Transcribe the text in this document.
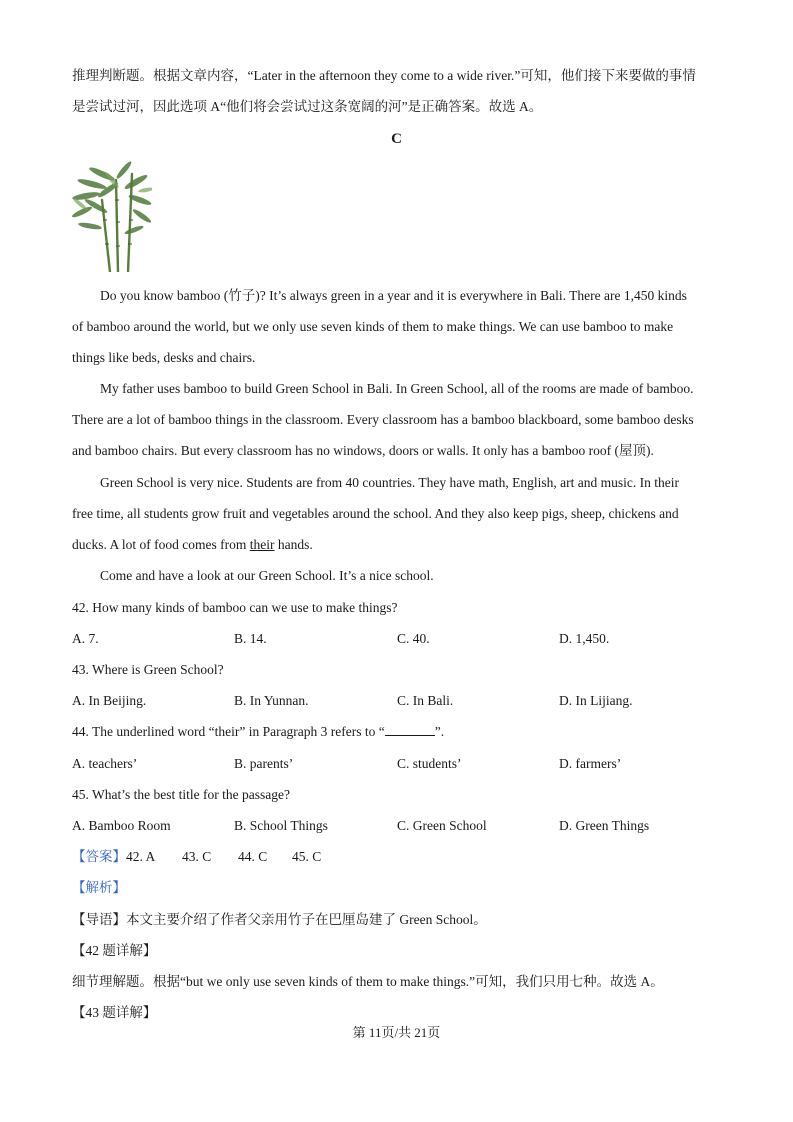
推理判断题。根据文章内容，“Later in the afternoon they come to a wide river.”可知，他们接下来要做的事情
是尝试过河，因此选项 A“他们将会尝试过这条宽阔的河”是正确答案。故选 A。
C
Do you know bamboo (竹子)? It’s always green in a year and it is everywhere in Bali. There are 1,450 kinds
of bamboo around the world, but we only use seven kinds of them to make things. We can use bamboo to make
things like beds, desks and chairs.
My father uses bamboo to build Green School in Bali. In Green School, all of the rooms are made of bamboo.
There are a lot of bamboo things in the classroom. Every classroom has a bamboo blackboard, some bamboo desks
and bamboo chairs. But every classroom has no windows, doors or walls. It only has a bamboo roof (屋顶).
Green School is very nice. Students are from 40 countries. They have math, English, art and music. In their
free time, all students grow fruit and vegetables around the school. And they also keep pigs, sheep, chickens and
ducks. A lot of food comes from their hands.
Come and have a look at our Green School. It’s a nice school.
42. How many kinds of bamboo can we use to make things?
A. 7.	B. 14.	C. 40.	D. 1,450.
43. Where is Green School?
A. In Beijing.	B. In Yunnan.	C. In Bali.	D. In Lijiang.
44. The underlined word “their” in Paragraph 3 refers to “	”.
A. teachers’	B. parents’	C. students’	D. farmers’
45. What’s the best title for the passage?
A. Bamboo Room	B. School Things	C. Green School	D. Green Things
【答案】42. A 43. C 44. C 45. C
【解析】
【导语】本文主要介绍了作者父亲用竹子在巴厘岛建了 Green School。
【42 题详解】
细节理解题。根据“but we only use seven kinds of them to make things.”可知，我们只用七种。故选 A。
【43 题详解】
第 11页/共 21页
